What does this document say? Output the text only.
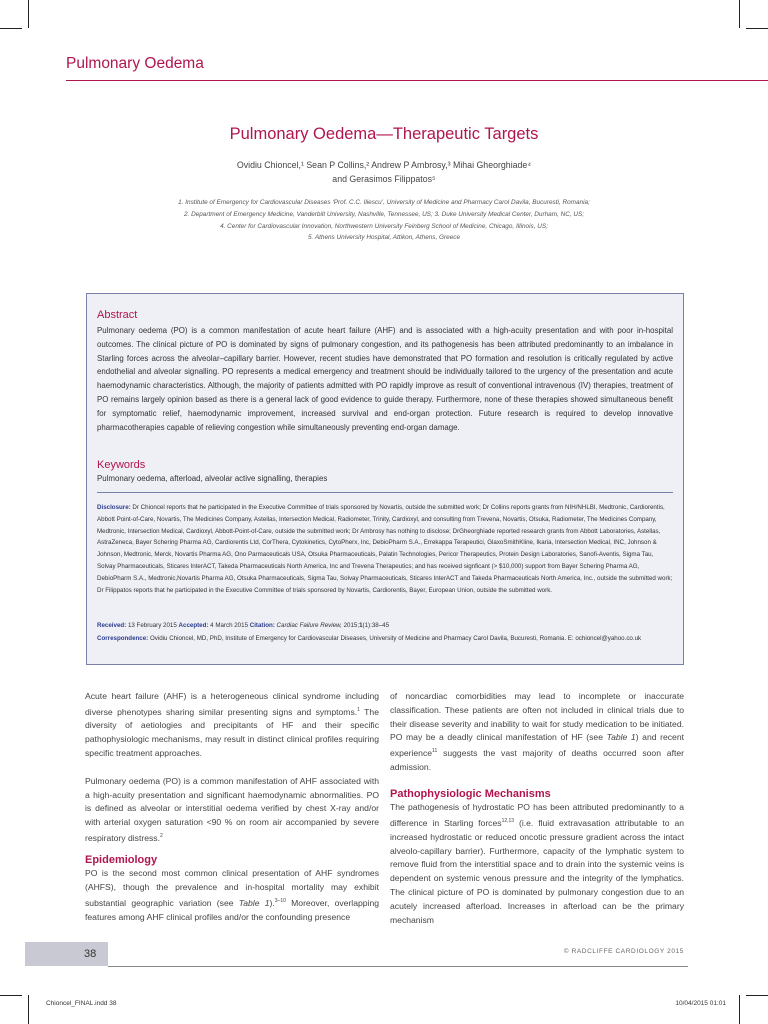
Pulmonary Oedema
Pulmonary Oedema—Therapeutic Targets
Ovidiu Chioncel,¹ Sean P Collins,² Andrew P Ambrosy,³ Mihai Gheorghiade⁴
and Gerasimos Filippatos⁵
1. Institute of Emergency for Cardiovascular Diseases ‘Prof. C.C. Iliescu’, University of Medicine and Pharmacy Carol Davila, Bucuresti, Romania;
2. Department of Emergency Medicine, Vanderbilt University, Nashville, Tennessee, US; 3. Duke University Medical Center, Durham, NC, US;
4. Center for Cardiovascular Innovation, Northwestern University Feinberg School of Medicine, Chicago, Illinois, US;
5. Athens University Hospital, Attikon, Athens, Greece
Abstract

Pulmonary oedema (PO) is a common manifestation of acute heart failure (AHF) and is associated with a high-acuity presentation and with poor in-hospital outcomes. The clinical picture of PO is dominated by signs of pulmonary congestion, and its pathogenesis has been attributed predominantly to an imbalance in Starling forces across the alveolar–capillary barrier. However, recent studies have demonstrated that PO formation and resolution is critically regulated by active endothelial and alveolar signalling. PO represents a medical emergency and treatment should be individually tailored to the urgency of the presentation and acute haemodynamic characteristics. Although, the majority of patients admitted with PO rapidly improve as result of conventional intravenous (IV) therapies, treatment of PO remains largely opinion based as there is a general lack of good evidence to guide therapy. Furthermore, none of these therapies showed simultaneous benefit for symptomatic relief, haemodynamic improvement, increased survival and end-organ protection. Future research is required to develop innovative pharmacotherapies capable of relieving congestion while simultaneously preventing end-organ damage.

Keywords

Pulmonary oedema, afterload, alveolar active signalling, therapies

Disclosure: Dr Chioncel reports that he participated in the Executive Committee of trials sponsored by Novartis, outside the submitted work; Dr Collins reports grants from NIH/NHLBI, Medtronic, Cardiorentis, Abbott Point-of-Care, Novartis, The Medicines Company, Astellas, Intersection Medical, Radiometer, Trinity, Cardioxyl, and consulting from Trevena, Novartis, Otsuka, Radiometer, The Medicines Company, Medtronic, Intersection Medical, Cardioxyl, Abbott-Point-of-Care, outside the submitted work; Dr Ambrosy has nothing to disclose; DrGheorghiade reported research grants from Abbott Laboratories, Astellas, AstraZeneca, Bayer Schering Pharma AG, Cardiorentis Ltd, CorThera, Cytokinetics, CytoPherx, Inc, DebioPharm S.A., Errekappa Terapeutici, GlaxoSmithKline, Ikaria, Intersection Medical, INC, Johnson & Johnson, Medtronic, Merck, Novartis Pharma AG, Ono Parmaceuticals USA, Otsuka Pharmaceuticals, Palatin Technologies, Pericor Therapeutics, Protein Design Laboratories, Sanofi-Aventis, Sigma Tau, Solvay Pharmaceuticals, Sticares InterACT, Takeda Pharmaceuticals North America, Inc and Trevena Therapeutics; and has received signficant (> $10,000) support from Bayer Schering Pharma AG, DebioPharm S.A., Medtronic,Novartis Pharma AG, Otsuka Pharmaceuticals, Sigma Tau, Solvay Pharmaceuticals, Sticares InterACT and Takeda Pharmaceuticals North America, Inc., outside the submitted work; Dr Filippatos reports that he participated in the Executive Committee of trials sponsored by Novartis, Cardiorentis, Bayer, European Union, outside the submitted work.

Received: 13 February 2015 Accepted: 4 March 2015 Citation: Cardiac Failure Review, 2015;1(1):38–45

Correspondence: Ovidiu Chioncel, MD, PhD, Institute of Emergency for Cardiovascular Diseases, University of Medicine and Pharmacy Carol Davila, Bucuresti, Romania. E: ochioncel@yahoo.co.uk

Acute heart failure (AHF) is a heterogeneous clinical syndrome including diverse phenotypes sharing similar presenting signs and symptoms.$^1$ The diversity of aetiologies and precipitants of HF and their specific pathophysiologic mechanisms, may result in distinct clinical profiles requiring specific treatment approaches.

Pulmonary oedema (PO) is a common manifestation of AHF associated with a high-acuity presentation and significant haemodynamic abnormalities. PO is defined as alveolar or interstitial oedema verified by chest X-ray and/or with arterial oxygen saturation <90 % on room air accompanied by severe respiratory distress.$^2$

Epidemiology

PO is the second most common clinical presentation of AHF syndromes (AHFS), though the prevalence and in-hospital mortality may exhibit substantial geographic variation (see Table 1).$^{3-10}$ Moreover, overlapping features among AHF clinical profiles and/or the confounding presence

of noncardiac comorbidities may lead to incomplete or inaccurate classification. These patients are often not included in clinical trials due to their disease severity and inability to wait for study medication to be initiated. PO may be a deadly clinical manifestation of HF (see Table 1) and recent experience$^{11}$ suggests the vast majority of deaths occurred soon after admission.

Pathophysiologic Mechanisms

The pathogenesis of hydrostatic PO has been attributed predominantly to a difference in Starling forces$^{12,13}$ (i.e. fluid extravasation attributable to an increased hydrostatic or reduced oncotic pressure gradient across the intact alveolo-capillary barrier). Furthermore, capacity of the lymphatic system to remove fluid from the interstitial space and to drain into the systemic veins is dependent on systemic venous pressure and the integrity of the lymphatics. The clinical picture of PO is dominated by pulmonary congestion due to an acutely increased afterload. Increases in afterload can be the primary mechanism

38	© RADCLIFFE CARDIOLOGY 2015
Chioncel_FINAL.indd 38	10/04/2015 01:01
